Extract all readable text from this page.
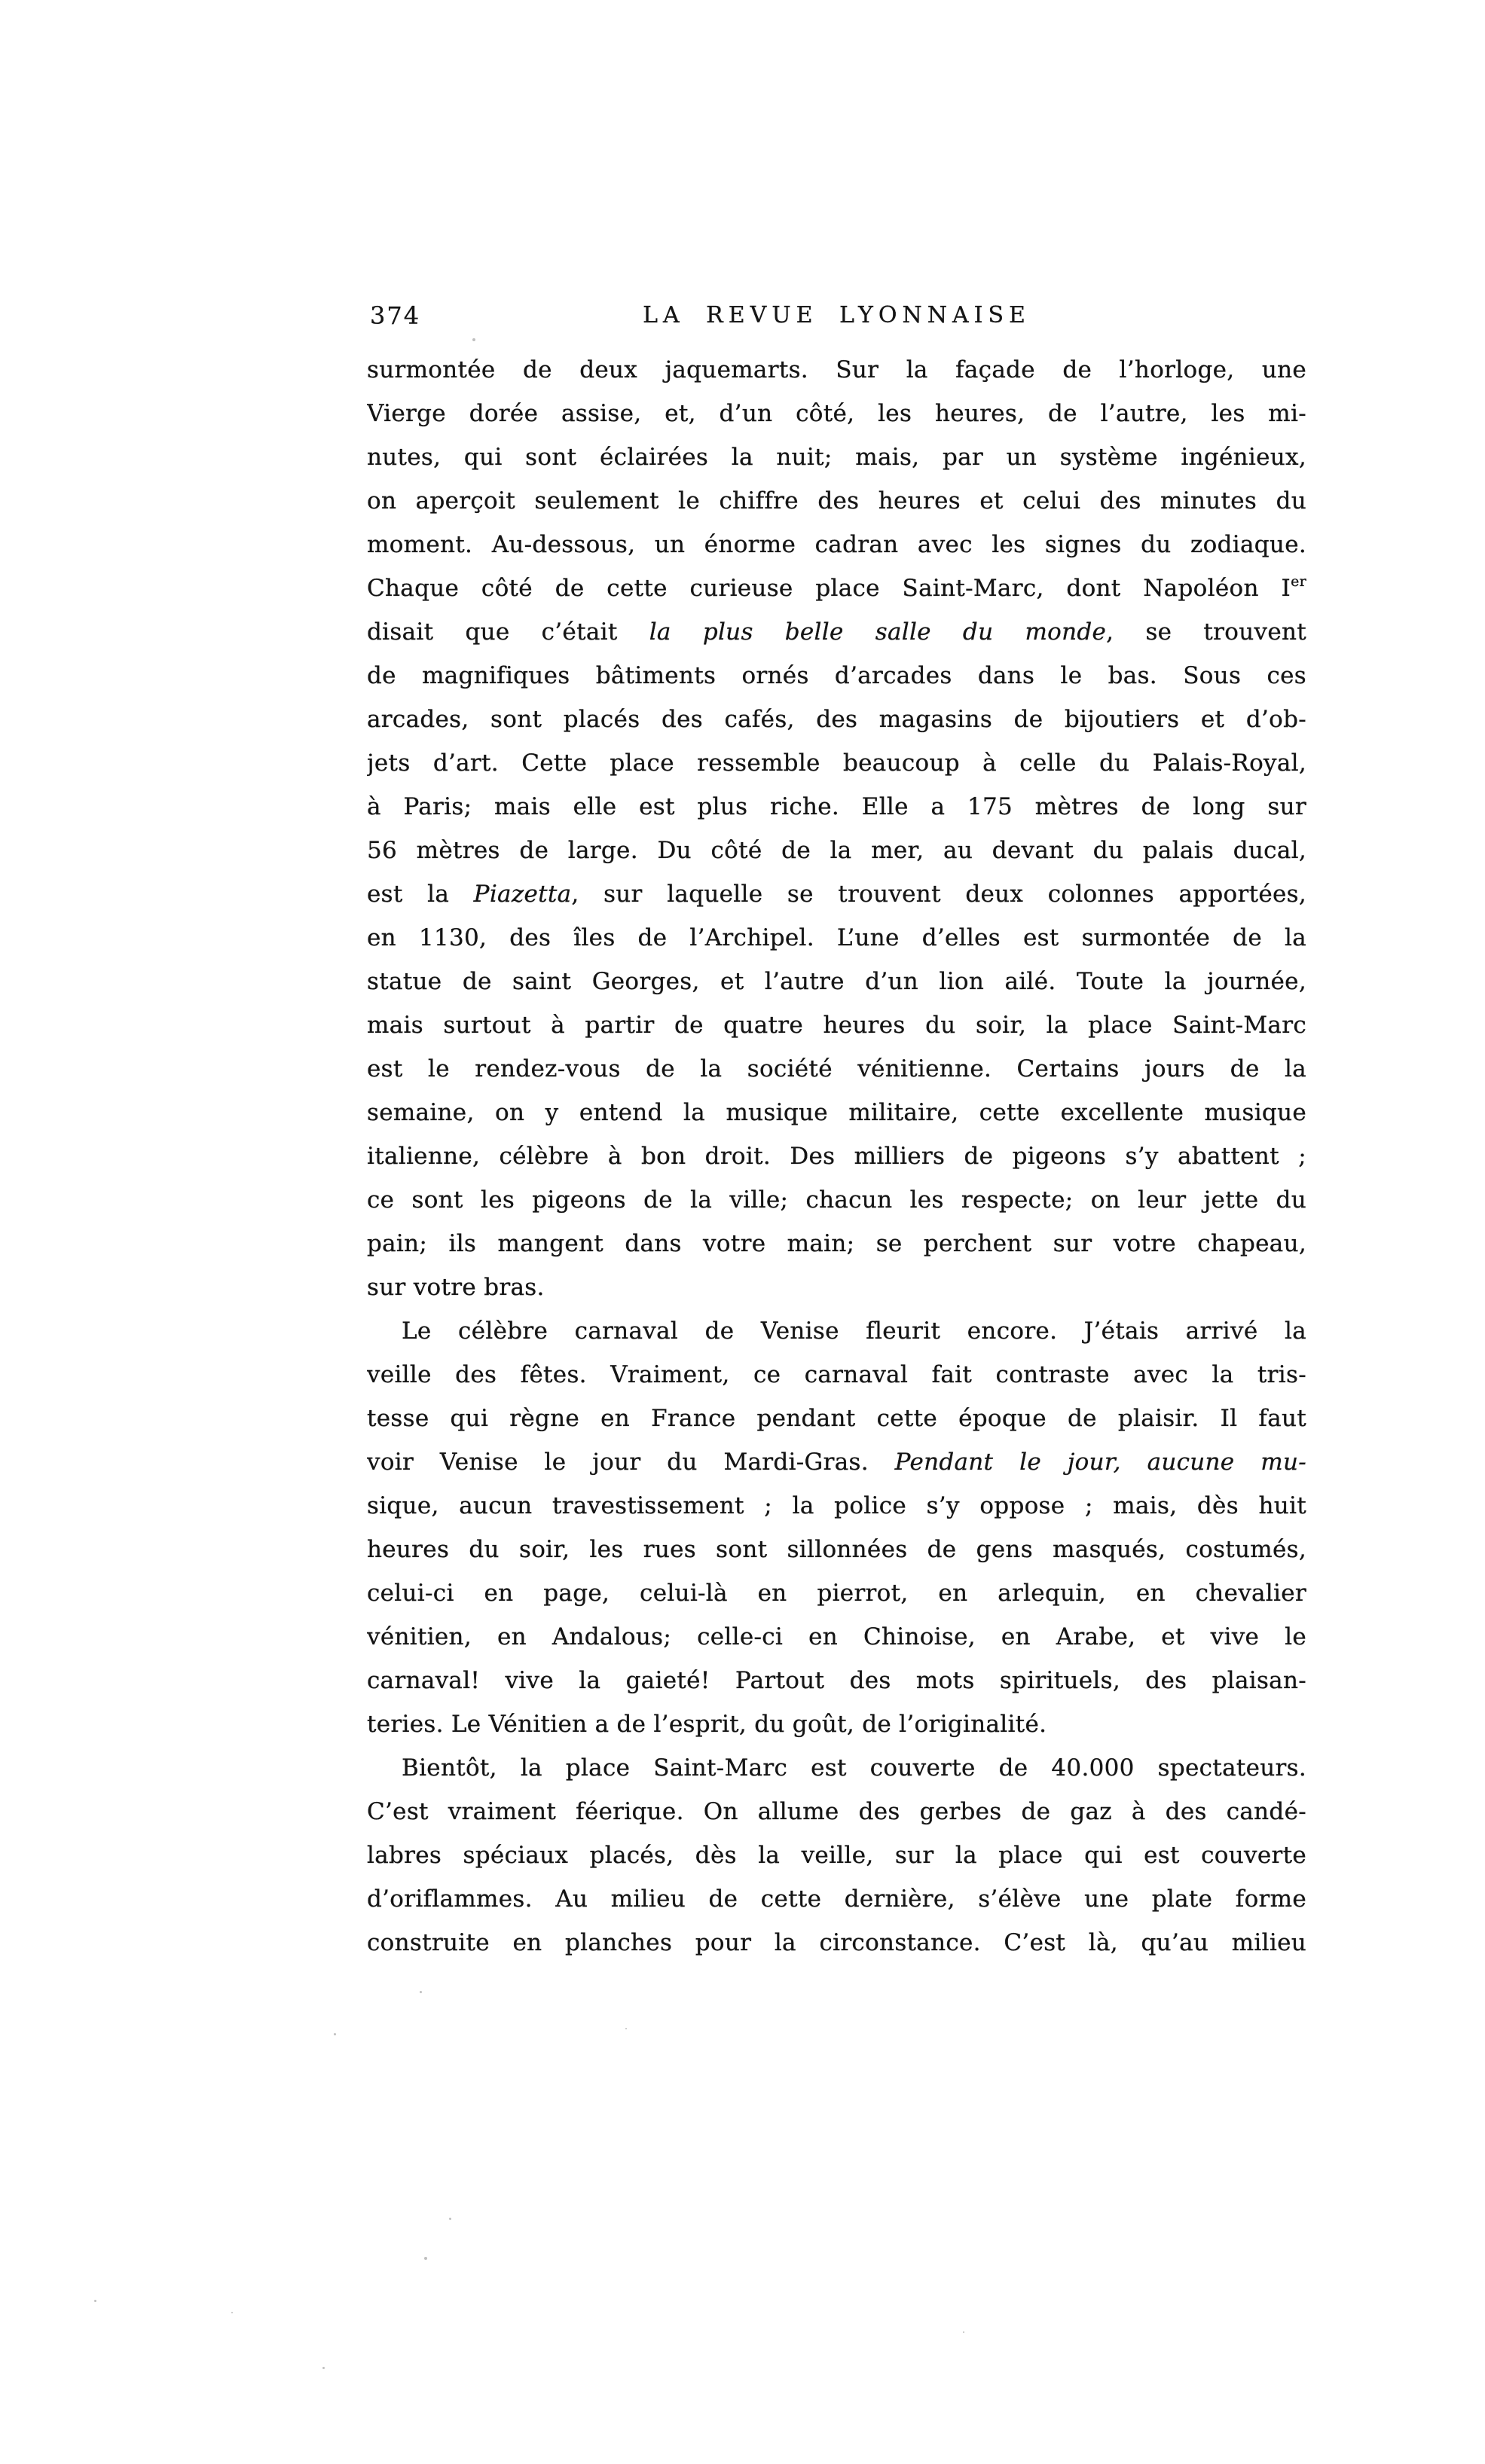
374	LA REVUE LYONNAISE
surmontée de deux jaquemarts. Sur la façade de l’horloge, une
Vierge dorée assise, et, d’un côté, les heures, de l’autre, les mi-
nutes, qui sont éclairées la nuit; mais, par un système ingénieux,
on aperçoit seulement le chiffre des heures et celui des minutes du
moment. Au-dessous, un énorme cadran avec les signes du zodiaque.
Chaque côté de cette curieuse place Saint-Marc, dont Napoléon Ier
disait que c’était la plus belle salle du monde, se trouvent
de magnifiques bâtiments ornés d’arcades dans le bas. Sous ces
arcades, sont placés des cafés, des magasins de bijoutiers et d’ob-
jets d’art. Cette place ressemble beaucoup à celle du Palais-Royal,
à Paris; mais elle est plus riche. Elle a 175 mètres de long sur
56 mètres de large. Du côté de la mer, au devant du palais ducal,
est la Piazetta, sur laquelle se trouvent deux colonnes apportées,
en 1130, des îles de l’Archipel. L’une d’elles est surmontée de la
statue de saint Georges, et l’autre d’un lion ailé. Toute la journée,
mais surtout à partir de quatre heures du soir, la place Saint-Marc
est le rendez-vous de la société vénitienne. Certains jours de la
semaine, on y entend la musique militaire, cette excellente musique
italienne, célèbre à bon droit. Des milliers de pigeons s’y abattent ;
ce sont les pigeons de la ville; chacun les respecte; on leur jette du
pain; ils mangent dans votre main; se perchent sur votre chapeau,
sur votre bras.
Le célèbre carnaval de Venise fleurit encore. J’étais arrivé la
veille des fêtes. Vraiment, ce carnaval fait contraste avec la tris-
tesse qui règne en France pendant cette époque de plaisir. Il faut
voir Venise le jour du Mardi-Gras. Pendant le jour, aucune mu-
sique, aucun travestissement ; la police s’y oppose ; mais, dès huit
heures du soir, les rues sont sillonnées de gens masqués, costumés,
celui-ci en page, celui-là en pierrot, en arlequin, en chevalier
vénitien, en Andalous; celle-ci en Chinoise, en Arabe, et vive le
carnaval! vive la gaieté! Partout des mots spirituels, des plaisan-
teries. Le Vénitien a de l’esprit, du goût, de l’originalité.
Bientôt, la place Saint-Marc est couverte de 40.000 spectateurs.
C’est vraiment féerique. On allume des gerbes de gaz à des candé-
labres spéciaux placés, dès la veille, sur la place qui est couverte
d’oriflammes. Au milieu de cette dernière, s’élève une plate forme
construite en planches pour la circonstance. C’est là, qu’au milieu
